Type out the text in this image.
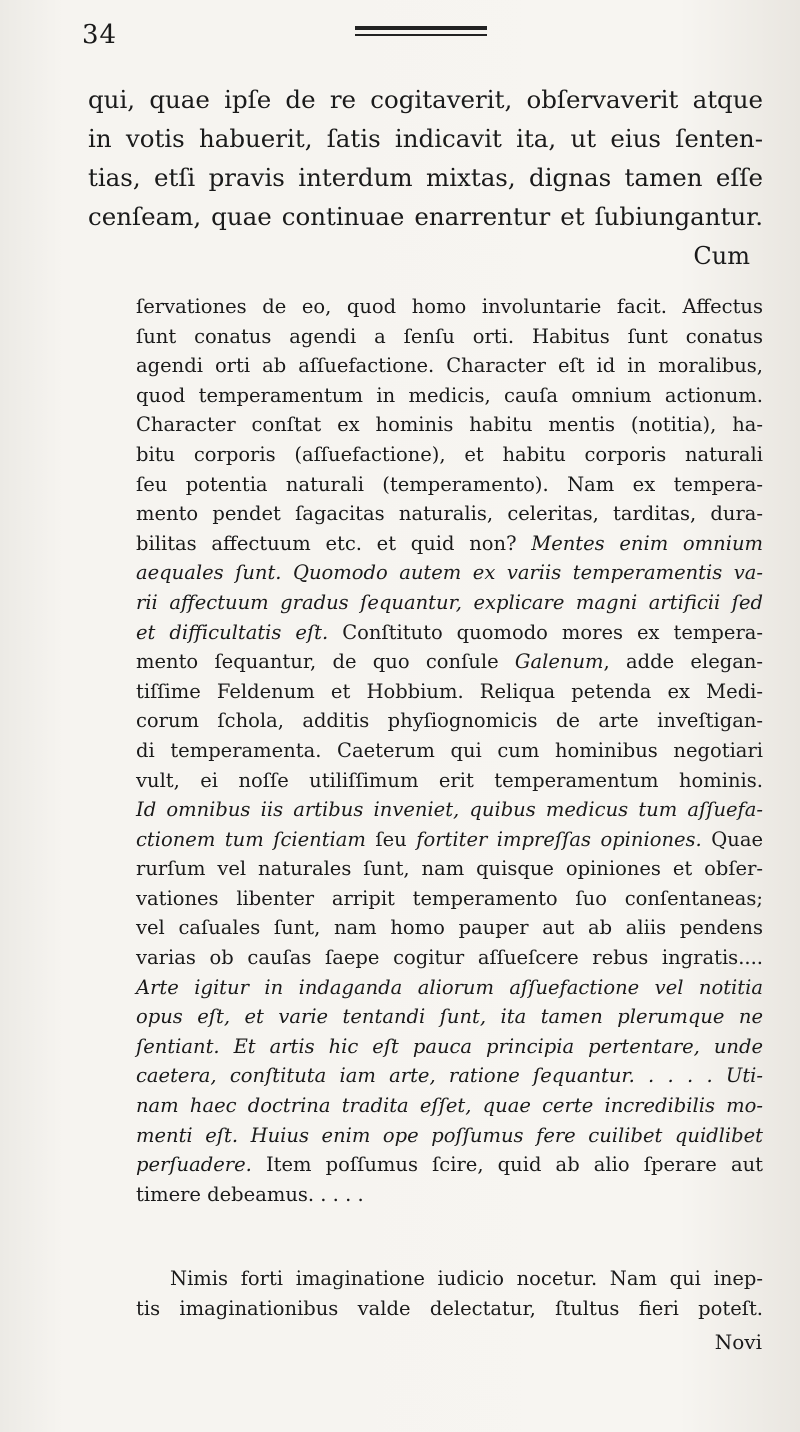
34
qui, quae ipſe de re cogitaverit, obſervaverit atque
in votis habuerit, ſatis indicavit ita, ut eius ſenten-
tias, etſi pravis interdum mixtas, dignas tamen eſſe
cenſeam, quae continuae enarrentur et ſubiungantur.
Cum
ſervationes de eo, quod homo involuntarie facit. Affectus
ſunt conatus agendi a ſenſu orti. Habitus ſunt conatus
agendi orti ab aſſuefactione. Character eſt id in moralibus,
quod temperamentum in medicis, cauſa omnium actionum.
Character conſtat ex hominis habitu mentis (notitia), ha-
bitu corporis (aſſuefactione), et habitu corporis naturali
ſeu potentia naturali (temperamento). Nam ex tempera-
mento pendet ſagacitas naturalis, celeritas, tarditas, dura-
bilitas affectuum etc. et quid non? Mentes enim omnium
aequales ſunt. Quomodo autem ex variis temperamentis va-
rii affectuum gradus ſequantur, explicare magni artificii ſed
et difficultatis eſt. Conſtituto quomodo mores ex tempera-
mento ſequantur, de quo conſule Galenum, adde elegan-
tiſſime Feldenum et Hobbium. Reliqua petenda ex Medi-
corum ſchola, additis phyſiognomicis de arte inveſtigan-
di temperamenta. Caeterum qui cum hominibus negotiari
vult, ei noſſe utiliſſimum erit temperamentum hominis.
Id omnibus iis artibus inveniet, quibus medicus tum aſſuefa-
ctionem tum ſcientiam ſeu fortiter impreſſas opiniones. Quae
rurſum vel naturales ſunt, nam quisque opiniones et obſer-
vationes libenter arripit temperamento ſuo conſentaneas;
vel caſuales ſunt, nam homo pauper aut ab aliis pendens
varias ob cauſas ſaepe cogitur aſſueſcere rebus ingratis....
Arte igitur in indaganda aliorum aſſuefactione vel notitia
opus eſt, et varie tentandi ſunt, ita tamen plerumque ne
ſentiant. Et artis hic eſt pauca principia pertentare, unde
caetera, conſtituta iam arte, ratione ſequantur. . . . . Uti-
nam haec doctrina tradita eſſet, quae certe incredibilis mo-
menti eſt. Huius enim ope poſſumus fere cuilibet quidlibet
perſuadere. Item poſſumus ſcire, quid ab alio ſperare aut
timere debeamus. . . . .
Nimis forti imaginatione iudicio nocetur. Nam qui inep-
tis imaginationibus valde delectatur, ſtultus fieri poteſt.
Novi
